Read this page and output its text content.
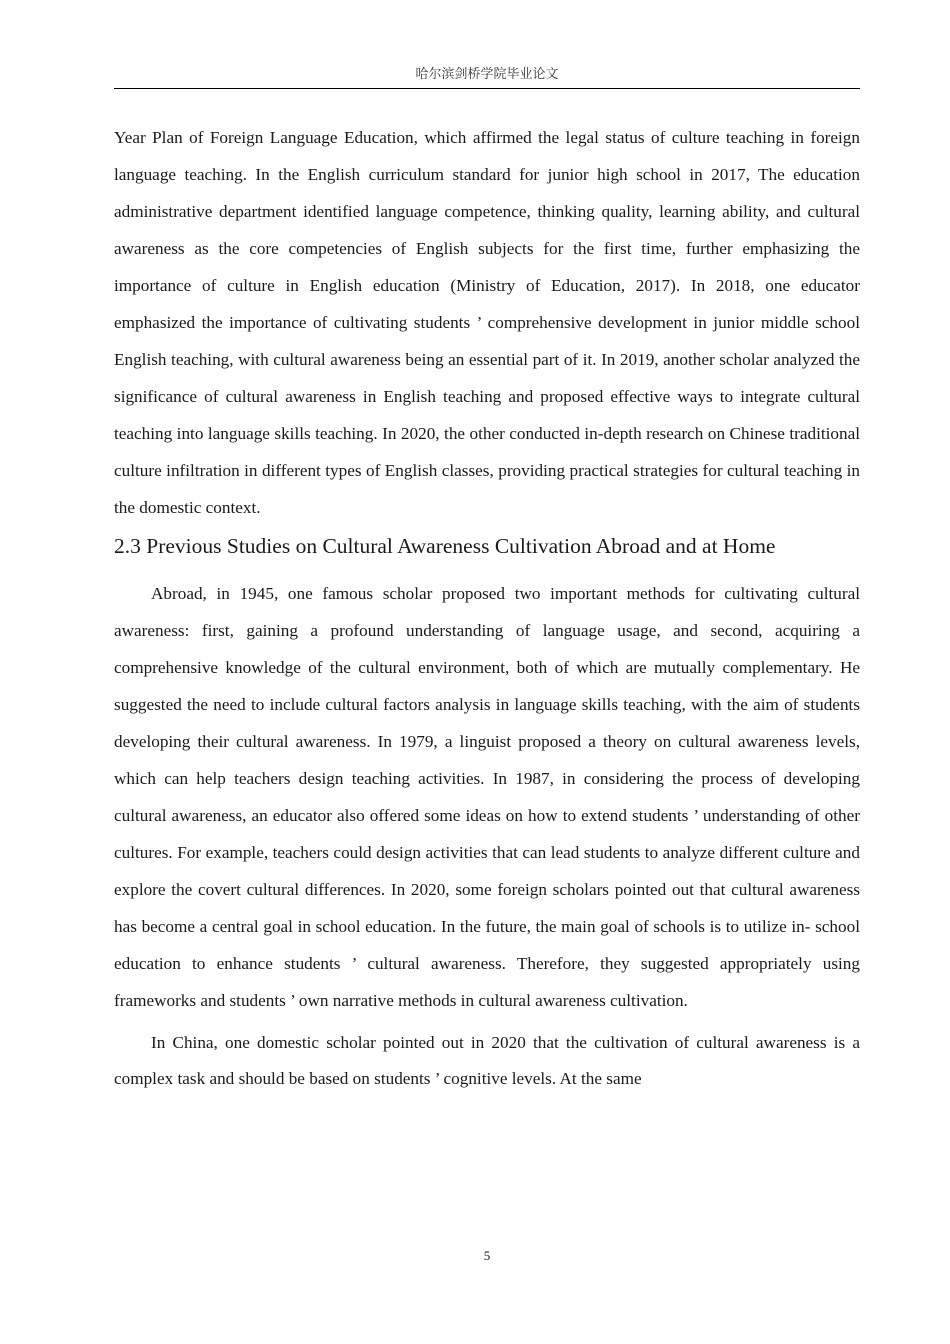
哈尔滨剑桥学院毕业论文

Year Plan of Foreign Language Education, which affirmed the legal status of culture teaching in foreign language teaching. In the English curriculum standard for junior high school in 2017, The education administrative department identified language competence, thinking quality, learning ability, and cultural awareness as the core competencies of English subjects for the first time, further emphasizing the importance of culture in English education (Ministry of Education, 2017). In 2018, one educator emphasized the importance of cultivating students ’ comprehensive development in junior middle school English teaching, with cultural awareness being an essential part of it. In 2019, another scholar analyzed the significance of cultural awareness in English teaching and proposed effective ways to integrate cultural teaching into language skills teaching. In 2020, the other conducted in-depth research on Chinese traditional culture infiltration in different types of English classes, providing practical strategies for cultural teaching in the domestic context.

2.3 Previous Studies on Cultural Awareness Cultivation Abroad and at Home

Abroad, in 1945, one famous scholar proposed two important methods for cultivating cultural awareness: first, gaining a profound understanding of language usage, and second, acquiring a comprehensive knowledge of the cultural environment, both of which are mutually complementary. He suggested the need to include cultural factors analysis in language skills teaching, with the aim of students developing their cultural awareness. In 1979, a linguist proposed a theory on cultural awareness levels, which can help teachers design teaching activities. In 1987, in considering the process of developing cultural awareness, an educator also offered some ideas on how to extend students ’ understanding of other cultures. For example, teachers could design activities that can lead students to analyze different culture and explore the covert cultural differences. In 2020, some foreign scholars pointed out that cultural awareness has become a central goal in school education. In the future, the main goal of schools is to utilize in- school education to enhance students ’ cultural awareness. Therefore, they suggested appropriately using frameworks and students ’ own narrative methods in cultural awareness cultivation.

In China, one domestic scholar pointed out in 2020 that the cultivation of cultural awareness is a complex task and should be based on students ’ cognitive levels. At the same

5
